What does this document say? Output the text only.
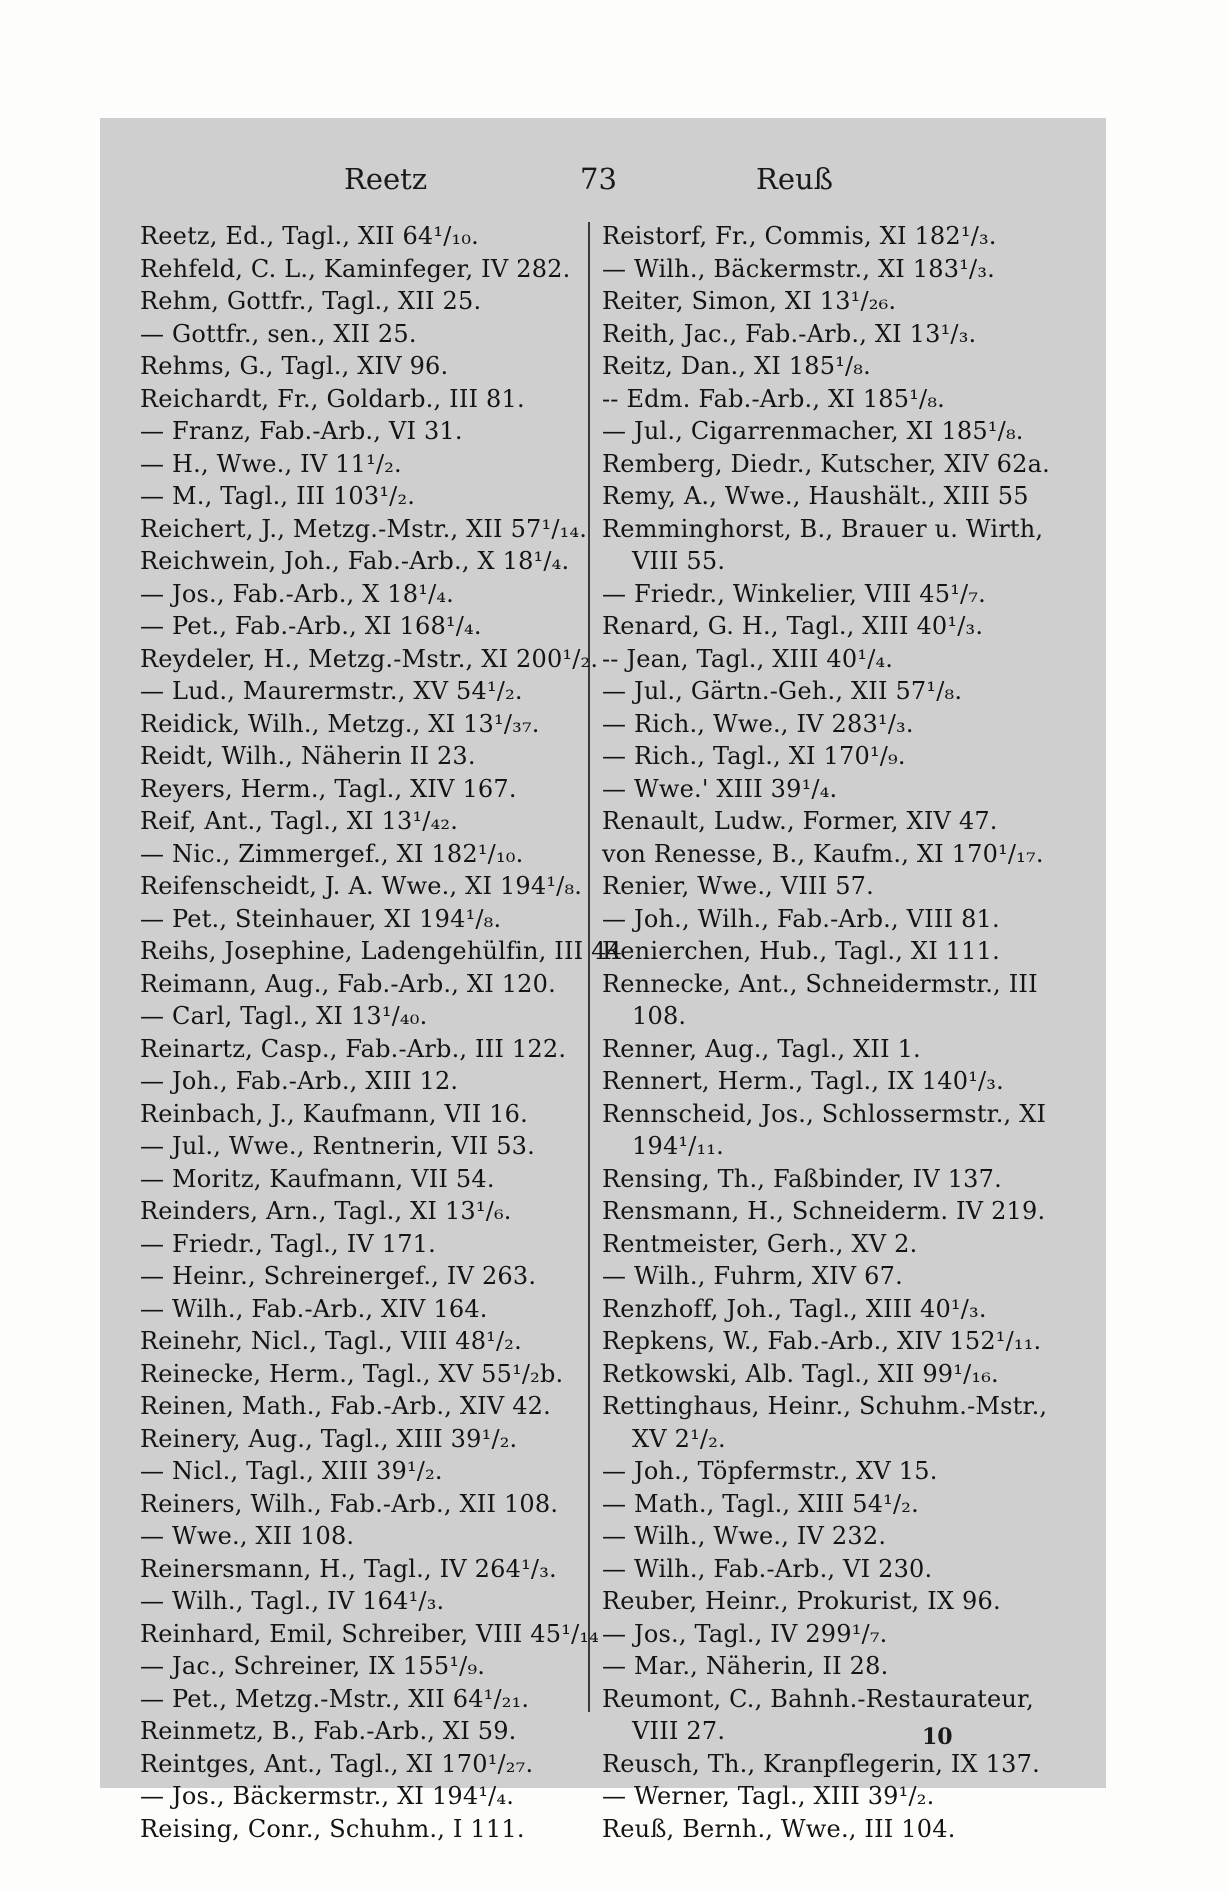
Reetz	73	Reuß
Reetz, Ed., Tagl., XII 64¹/₁₀.
Rehfeld, C. L., Kaminfeger, IV 282.
Rehm, Gottfr., Tagl., XII 25.
— Gottfr., sen., XII 25.
Rehms, G., Tagl., XIV 96.
Reichardt, Fr., Goldarb., III 81.
— Franz, Fab.-Arb., VI 31.
— H., Wwe., IV 11¹/₂.
— M., Tagl., III 103¹/₂.
Reichert, J., Metzg.-Mstr., XII 57¹/₁₄.
Reichwein, Joh., Fab.-Arb., X 18¹/₄.
— Jos., Fab.-Arb., X 18¹/₄.
— Pet., Fab.-Arb., XI 168¹/₄.
Reydeler, H., Metzg.-Mstr., XI 200¹/₂.
— Lud., Maurermstr., XV 54¹/₂.
Reidick, Wilh., Metzg., XI 13¹/₃₇.
Reidt, Wilh., Näherin II 23.
Reyers, Herm., Tagl., XIV 167.
Reif, Ant., Tagl., XI 13¹/₄₂.
— Nic., Zimmergef., XI 182¹/₁₀.
Reifenscheidt, J. A. Wwe., XI 194¹/₈.
— Pet., Steinhauer, XI 194¹/₈.
Reihs, Josephine, Ladengehülfin, III 44
Reimann, Aug., Fab.-Arb., XI 120.
— Carl, Tagl., XI 13¹/₄₀.
Reinartz, Casp., Fab.-Arb., III 122.
— Joh., Fab.-Arb., XIII 12.
Reinbach, J., Kaufmann, VII 16.
— Jul., Wwe., Rentnerin, VII 53.
— Moritz, Kaufmann, VII 54.
Reinders, Arn., Tagl., XI 13¹/₆.
— Friedr., Tagl., IV 171.
— Heinr., Schreinergef., IV 263.
— Wilh., Fab.-Arb., XIV 164.
Reinehr, Nicl., Tagl., VIII 48¹/₂.
Reinecke, Herm., Tagl., XV 55¹/₂b.
Reinen, Math., Fab.-Arb., XIV 42.
Reinery, Aug., Tagl., XIII 39¹/₂.
— Nicl., Tagl., XIII 39¹/₂.
Reiners, Wilh., Fab.-Arb., XII 108.
— Wwe., XII 108.
Reinersmann, H., Tagl., IV 264¹/₃.
— Wilh., Tagl., IV 164¹/₃.
Reinhard, Emil, Schreiber, VIII 45¹/₁₄
— Jac., Schreiner, IX 155¹/₉.
— Pet., Metzg.-Mstr., XII 64¹/₂₁.
Reinmetz, B., Fab.-Arb., XI 59.
Reintges, Ant., Tagl., XI 170¹/₂₇.
— Jos., Bäckermstr., XI 194¹/₄.
Reising, Conr., Schuhm., I 111.
Reistorf, Fr., Commis, XI 182¹/₃.
— Wilh., Bäckermstr., XI 183¹/₃.
Reiter, Simon, XI 13¹/₂₆.
Reith, Jac., Fab.-Arb., XI 13¹/₃.
Reitz, Dan., XI 185¹/₈.
-- Edm. Fab.-Arb., XI 185¹/₈.
— Jul., Cigarrenmacher, XI 185¹/₈.
Remberg, Diedr., Kutscher, XIV 62a.
Remy, A., Wwe., Haushält., XIII 55
Remminghorst, B., Brauer u. Wirth,
VIII 55.
— Friedr., Winkelier, VIII 45¹/₇.
Renard, G. H., Tagl., XIII 40¹/₃.
-- Jean, Tagl., XIII 40¹/₄.
— Jul., Gärtn.-Geh., XII 57¹/₈.
— Rich., Wwe., IV 283¹/₃.
— Rich., Tagl., XI 170¹/₉.
— Wwe.' XIII 39¹/₄.
Renault, Ludw., Former, XIV 47.
von Renesse, B., Kaufm., XI 170¹/₁₇.
Renier, Wwe., VIII 57.
— Joh., Wilh., Fab.-Arb., VIII 81.
Renierchen, Hub., Tagl., XI 111.
Rennecke, Ant., Schneidermstr., III
108.
Renner, Aug., Tagl., XII 1.
Rennert, Herm., Tagl., IX 140¹/₃.
Rennscheid, Jos., Schlossermstr., XI
194¹/₁₁.
Rensing, Th., Faßbinder, IV 137.
Rensmann, H., Schneiderm. IV 219.
Rentmeister, Gerh., XV 2.
— Wilh., Fuhrm, XIV 67.
Renzhoff, Joh., Tagl., XIII 40¹/₃.
Repkens, W., Fab.-Arb., XIV 152¹/₁₁.
Retkowski, Alb. Tagl., XII 99¹/₁₆.
Rettinghaus, Heinr., Schuhm.-Mstr.,
XV 2¹/₂.
— Joh., Töpfermstr., XV 15.
— Math., Tagl., XIII 54¹/₂.
— Wilh., Wwe., IV 232.
— Wilh., Fab.-Arb., VI 230.
Reuber, Heinr., Prokurist, IX 96.
— Jos., Tagl., IV 299¹/₇.
— Mar., Näherin, II 28.
Reumont, C., Bahnh.-Restaurateur,
VIII 27.
Reusch, Th., Kranpflegerin, IX 137.
— Werner, Tagl., XIII 39¹/₂.
Reuß, Bernh., Wwe., III 104.
10
